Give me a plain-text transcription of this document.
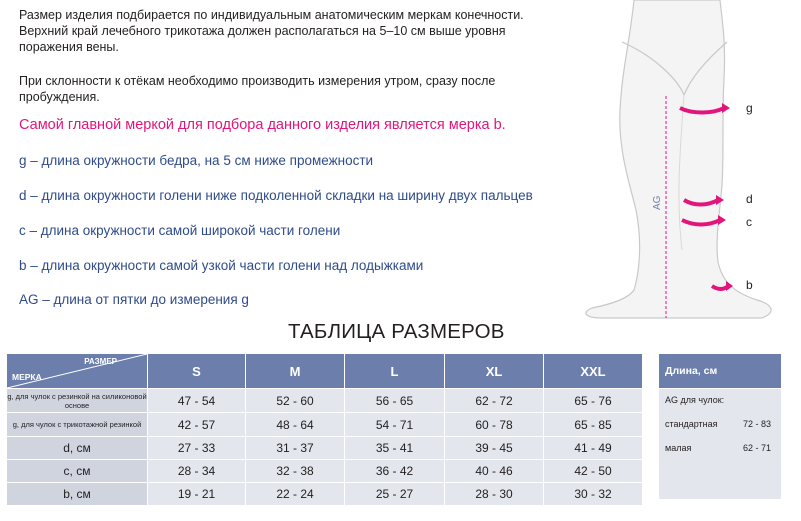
Размер изделия подбирается по индивидуальным анатомическим меркам конечности. Верхний край лечебного трикотажа должен располагаться на 5–10 см выше уровня поражения вены.

При склонности к отёкам необходимо производить измерения утром, сразу после пробуждения.

Самой главной меркой для подбора данного изделия является мерка b.

g – длина окружности бедра, на 5 см ниже промежности

d – длина окружности голени ниже подколенной складки на ширину двух пальцев

c – длина окружности самой широкой части голени

b – длина окружности самой узкой части голени над лодыжками

AG – длина от пятки до измерения g

AG
g
d
c
b

ТАБЛИЦА РАЗМЕРОВ

РАЗМЕР
МЕРКА	S	M	L	XL	XXL
g, для чулок с резинкой на силиконовой основе	47 - 54	52 - 60	56 - 65	62 - 72	65 - 76
g, для чулок с трикотажной резинкой	42 - 57	48 - 64	54 - 71	60 - 78	65 - 85
d, см	27 - 33	31 - 37	35 - 41	39 - 45	41 - 49
c, см	28 - 34	32 - 38	36 - 42	40 - 46	42 - 50
b, см	19 - 21	22 - 24	25 - 27	28 - 30	30 - 32
Длина, см
AG для чулок:
стандартная	72 - 83
малая	62 - 71
